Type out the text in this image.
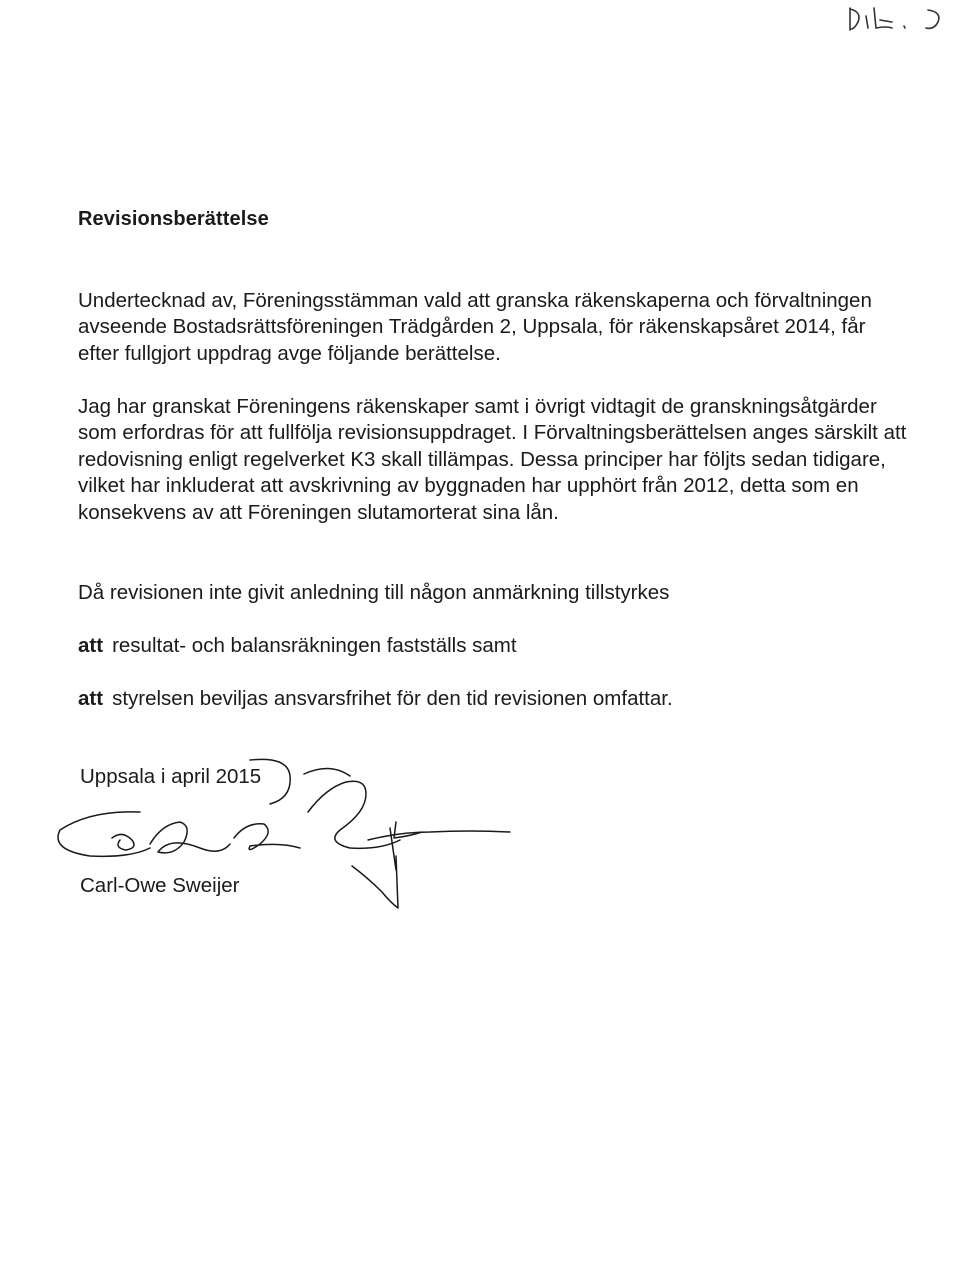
Revisionsberättelse

Undertecknad av, Föreningsstämman vald att granska räkenskaperna och förvaltningen avseende Bostadsrättsföreningen Trädgården 2, Uppsala, för räkenskapsåret 2014, får efter fullgjort uppdrag avge följande berättelse.

Jag har granskat Föreningens räkenskaper samt i övrigt vidtagit de granskningsåtgärder som erfordras för att fullfölja revisionsuppdraget. I Förvaltningsberättelsen anges särskilt att redovisning enligt regelverket K3 skall tillämpas. Dessa principer har följts sedan tidigare, vilket har inkluderat att avskrivning av byggnaden har upphört från 2012, detta som en konsekvens av att Föreningen slutamorterat sina lån.

Då revisionen inte givit anledning till någon anmärkning tillstyrkes

att resultat- och balansräkningen fastställs samt

att styrelsen beviljas ansvarsfrihet för den tid revisionen omfattar.

Uppsala i april 2015
Carl-Owe Sweijer
